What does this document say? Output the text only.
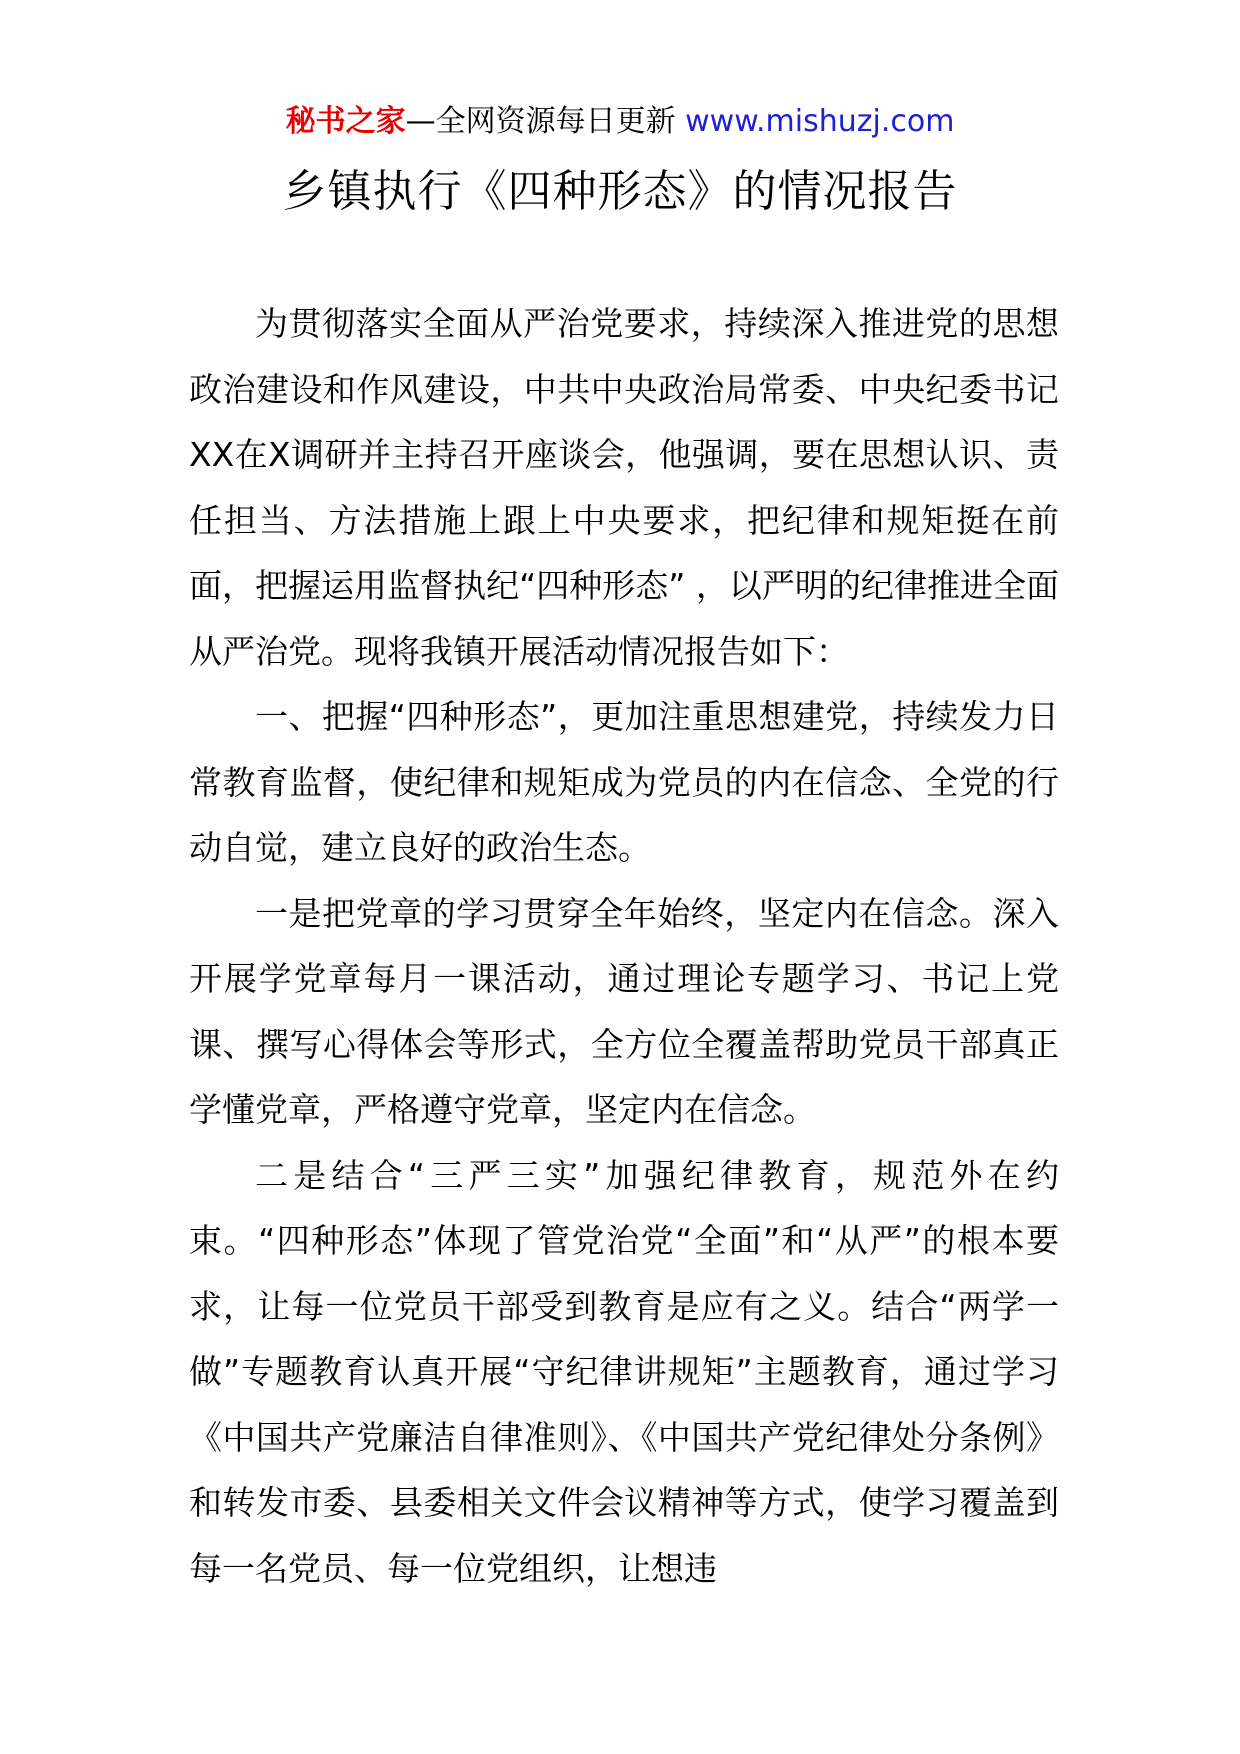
秘书之家—全网资源每日更新 www.mishuzj.com
乡镇执行《四种形态》的情况报告

为贯彻落实全面从严治党要求，持续深入推进党的思想政治建设和作风建设，中共中央政治局常委、中央纪委书记XX在X调研并主持召开座谈会，他强调，要在思想认识、责任担当、方法措施上跟上中央要求，把纪律和规矩挺在前面，把握运用监督执纪“四种形态” ，以严明的纪律推进全面从严治党。现将我镇开展活动情况报告如下：

一、把握“四种形态”，更加注重思想建党，持续发力日常教育监督，使纪律和规矩成为党员的内在信念、全党的行动自觉，建立良好的政治生态。

一是把党章的学习贯穿全年始终，坚定内在信念。深入开展学党章每月一课活动，通过理论专题学习、书记上党课、撰写心得体会等形式，全方位全覆盖帮助党员干部真正学懂党章，严格遵守党章，坚定内在信念。

二是结合“三严三实”加强纪律教育，规范外在约束。“四种形态”体现了管党治党“全面”和“从严”的根本要求，让每一位党员干部受到教育是应有之义。结合“两学一做”专题教育认真开展“守纪律讲规矩”主题教育，通过学习《中国共产党廉洁自律准则》、《中国共产党纪律处分条例》和转发市委、县委相关文件会议精神等方式，使学习覆盖到每一名党员、每一位党组织，让想违
